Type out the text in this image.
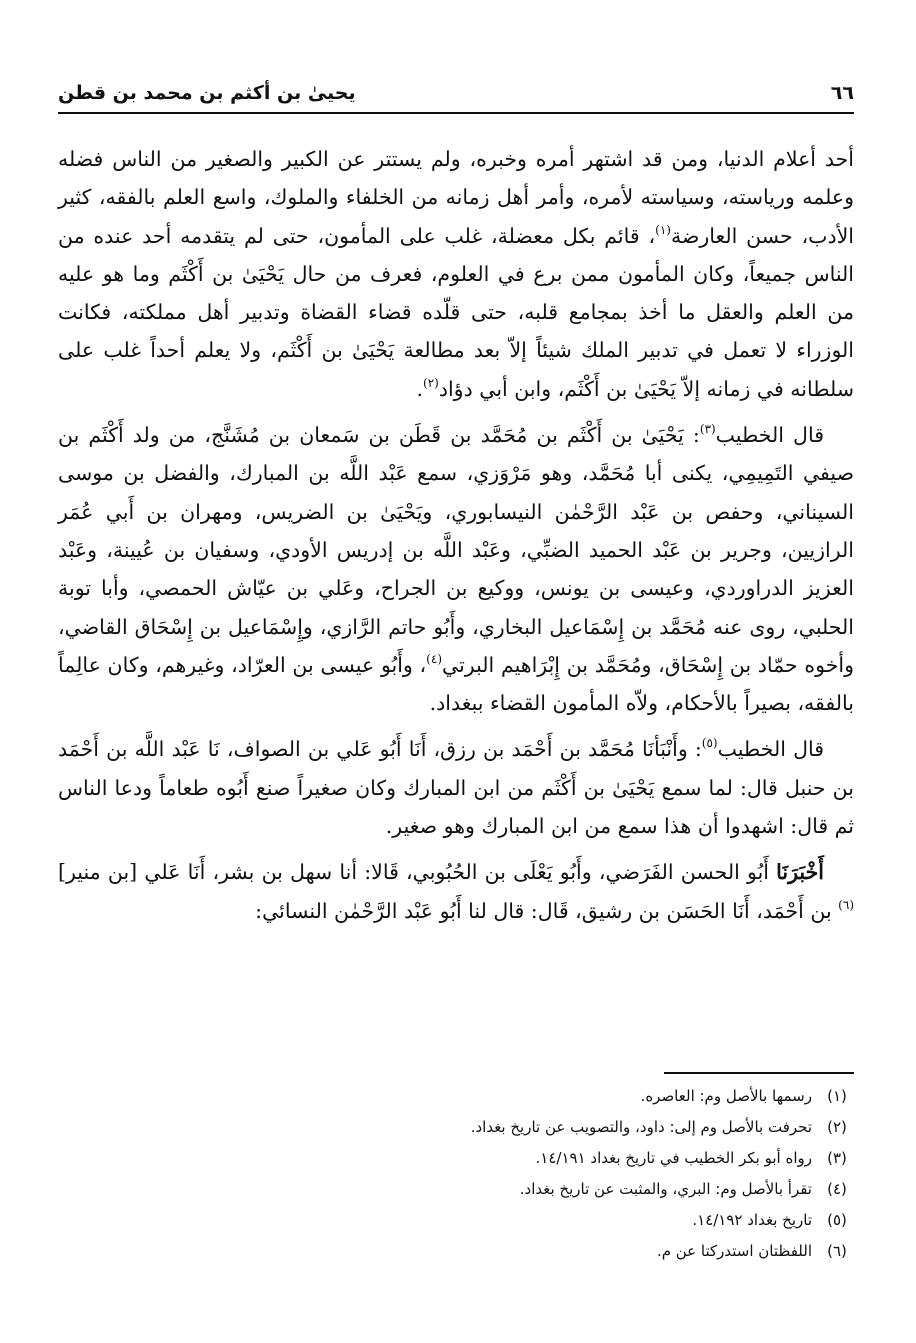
٦٦
يحيىٰ بن أكثم بن محمد بن قطن

أحد أعلام الدنيا، ومن قد اشتهر أمره وخبره، ولم يستتر عن الكبير والصغير من الناس فضله وعلمه ورياسته، وسياسته لأمره، وأمر أهل زمانه من الخلفاء والملوك، واسع العلم بالفقه، كثير الأدب، حسن العارضة$^{(١)}$، قائم بكل معضلة، غلب على المأمون، حتى لم يتقدمه أحد عنده من الناس جميعاً، وكان المأمون ممن برع في العلوم، فعرف من حال يَحْيَىٰ بن أَكْثَم وما هو عليه من العلم والعقل ما أخذ بمجامع قلبه، حتى قلّده قضاء القضاة وتدبير أهل مملكته، فكانت الوزراء لا تعمل في تدبير الملك شيئاً إلاّ بعد مطالعة يَحْيَىٰ بن أَكْثَم، ولا يعلم أحداً غلب على سلطانه في زمانه إلاّ يَحْيَىٰ بن أَكْثَم، وابن أبي دؤاد$^{(٢)}$.

قال الخطيب$^{(٣)}$: يَحْيَىٰ بن أَكْثَم بن مُحَمَّد بن قَطَن بن سَمعان بن مُشَنَّج، من ولد أَكْثَم بن صيفي التَمِيمِي، يكنى أبا مُحَمَّد، وهو مَرْوَزي، سمع عَبْد اللَّه بن المبارك، والفضل بن موسى السيناني، وحفص بن عَبْد الرَّحْمٰن النيسابوري، ويَحْيَىٰ بن الضريس، ومهران بن أَبي عُمَر الرازيين، وجرير بن عَبْد الحميد الضبِّي، وعَبْد اللَّه بن إدريس الأودي، وسفيان بن عُيينة، وعَبْد العزيز الدراوردي، وعيسى بن يونس، ووكيع بن الجراح، وعَلي بن عيّاش الحمصي، وأبا توبة الحلبي، روى عنه مُحَمَّد بن إِسْمَاعيل البخاري، وأَبُو حاتم الرَّازي، وإِسْمَاعيل بن إِسْحَاق القاضي، وأخوه حمّاد بن إِسْحَاق، ومُحَمَّد بن إِبْرَاهيم البرتي$^{(٤)}$، وأَبُو عيسى بن العرّاد، وغيرهم، وكان عالِماً بالفقه، بصيراً بالأحكام، ولاّه المأمون القضاء ببغداد.

قال الخطيب$^{(٥)}$: وأَنْبَأنَا مُحَمَّد بن أَحْمَد بن رزق، أَنَا أَبُو عَلي بن الصواف، نَا عَبْد اللَّه بن أَحْمَد بن حنبل قال: لما سمع يَحْيَىٰ بن أَكْثَم من ابن المبارك وكان صغيراً صنع أَبُوه طعاماً ودعا الناس ثم قال: اشهدوا أن هذا سمع من ابن المبارك وهو صغير.

أَخْبَرَنَا أَبُو الحسن الفَرَضي، وأَبُو يَعْلَى بن الحُبُوبي، قَالا: أنا سهل بن بشر، أَنَا عَلي [بن منير]$^{(٦)}$ بن أَحْمَد، أَنَا الحَسَن بن رشيق، قَال: قال لنا أَبُو عَبْد الرَّحْمٰن النسائي:

(١)
رسمها بالأصل وم: العاصره.
(٢)
تحرفت بالأصل وم إلى: داود، والتصويب عن تاريخ بغداد.
(٣)
رواه أبو بكر الخطيب في تاريخ بغداد ١٤/١٩١.
(٤)
تقرأ بالأصل وم: البري، والمثبت عن تاريخ بغداد.
(٥)
تاريخ بغداد ١٤/١٩٢.
(٦)
اللفظتان استدركتا عن م.
